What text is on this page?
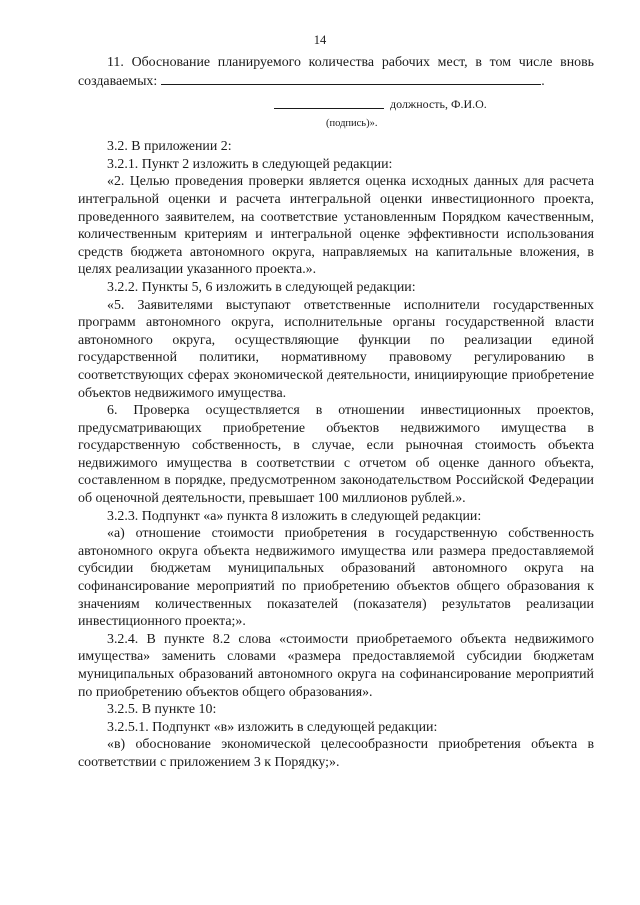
14

11. Обоснование планируемого количества рабочих мест, в том числе вновь создаваемых:	.

должность, Ф.И.О.
(подпись)».

3.2. В приложении 2:

3.2.1. Пункт 2 изложить в следующей редакции:

«2. Целью проведения проверки является оценка исходных данных для расчета интегральной оценки и расчета интегральной оценки инвестиционного проекта, проведенного заявителем, на соответствие установленным Порядком качественным, количественным критериям и интегральной оценке эффективности использования средств бюджета автономного округа, направляемых на капитальные вложения, в целях реализации указанного проекта.».

3.2.2. Пункты 5, 6 изложить в следующей редакции:

«5. Заявителями выступают ответственные исполнители государственных программ автономного округа, исполнительные органы государственной власти автономного округа, осуществляющие функции по реализации единой государственной политики, нормативному правовому регулированию в соответствующих сферах экономической деятельности, инициирующие приобретение объектов недвижимого имущества.

6. Проверка осуществляется в отношении инвестиционных проектов, предусматривающих приобретение объектов недвижимого имущества в государственную собственность, в случае, если рыночная стоимость объекта недвижимого имущества в соответствии с отчетом об оценке данного объекта, составленном в порядке, предусмотренном законодательством Российской Федерации об оценочной деятельности, превышает 100 миллионов рублей.».

3.2.3. Подпункт «а» пункта 8 изложить в следующей редакции:

«а) отношение стоимости приобретения в государственную собственность автономного округа объекта недвижимого имущества или размера предоставляемой субсидии бюджетам муниципальных образований автономного округа на софинансирование мероприятий по приобретению объектов общего образования к значениям количественных показателей (показателя) результатов реализации инвестиционного проекта;».

3.2.4. В пункте 8.2 слова «стоимости приобретаемого объекта недвижимого имущества» заменить словами «размера предоставляемой субсидии бюджетам муниципальных образований автономного округа на софинансирование мероприятий по приобретению объектов общего образования».

3.2.5. В пункте 10:

3.2.5.1. Подпункт «в» изложить в следующей редакции:

«в) обоснование экономической целесообразности приобретения объекта в соответствии с приложением 3 к Порядку;».
